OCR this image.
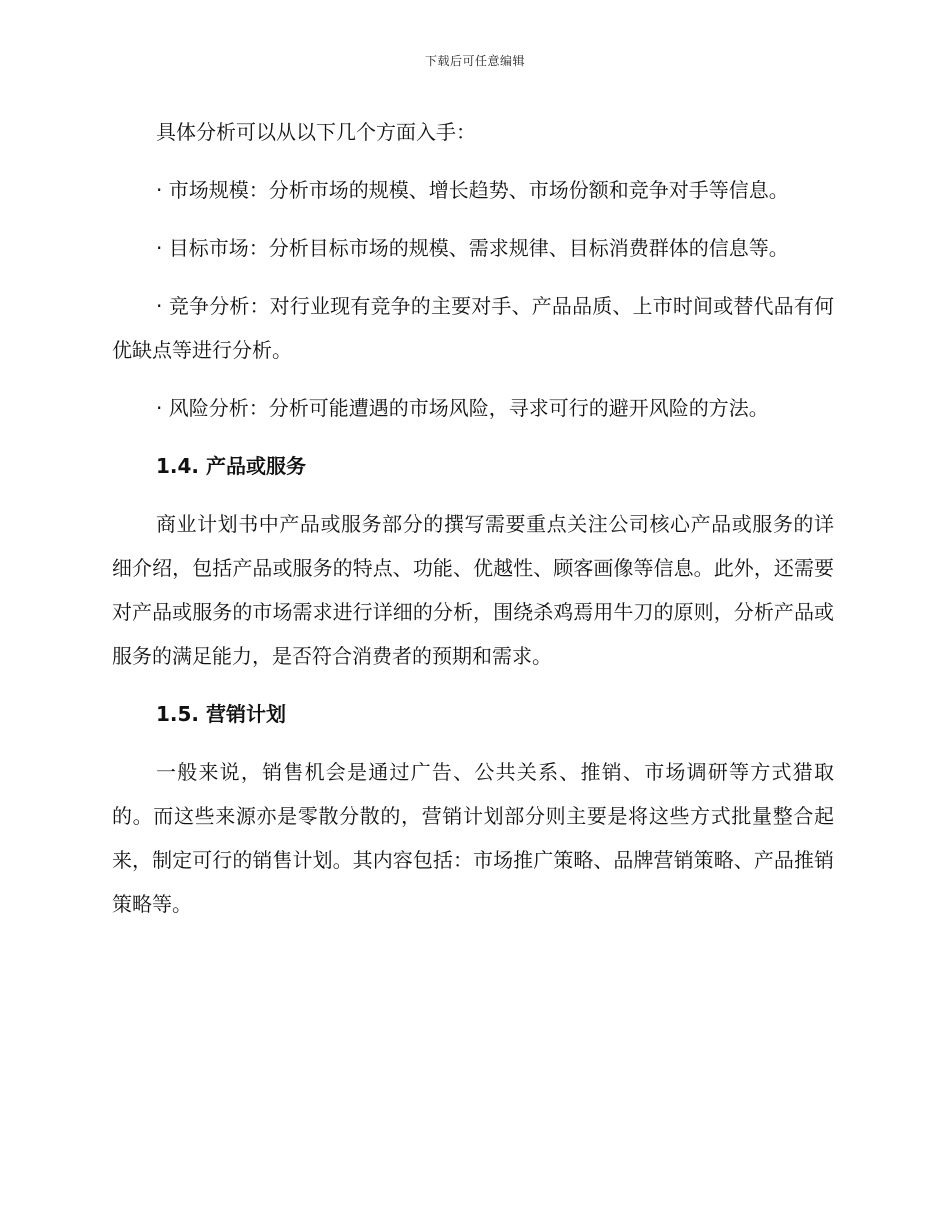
下载后可任意编辑

具体分析可以从以下几个方面入手：

· 市场规模：分析市场的规模、增长趋势、市场份额和竞争对手等信息。

· 目标市场：分析目标市场的规模、需求规律、目标消费群体的信息等。

· 竞争分析：对行业现有竞争的主要对手、产品品质、上市时间或替代品有何优缺点等进行分析。

· 风险分析：分析可能遭遇的市场风险，寻求可行的避开风险的方法。

1.4. 产品或服务

商业计划书中产品或服务部分的撰写需要重点关注公司核心产品或服务的详细介绍，包括产品或服务的特点、功能、优越性、顾客画像等信息。此外，还需要对产品或服务的市场需求进行详细的分析，围绕杀鸡焉用牛刀的原则，分析产品或服务的满足能力，是否符合消费者的预期和需求。

1.5. 营销计划

一般来说，销售机会是通过广告、公共关系、推销、市场调研等方式猎取的。而这些来源亦是零散分散的，营销计划部分则主要是将这些方式批量整合起来，制定可行的销售计划。其内容包括：市场推广策略、品牌营销策略、产品推销策略等。
